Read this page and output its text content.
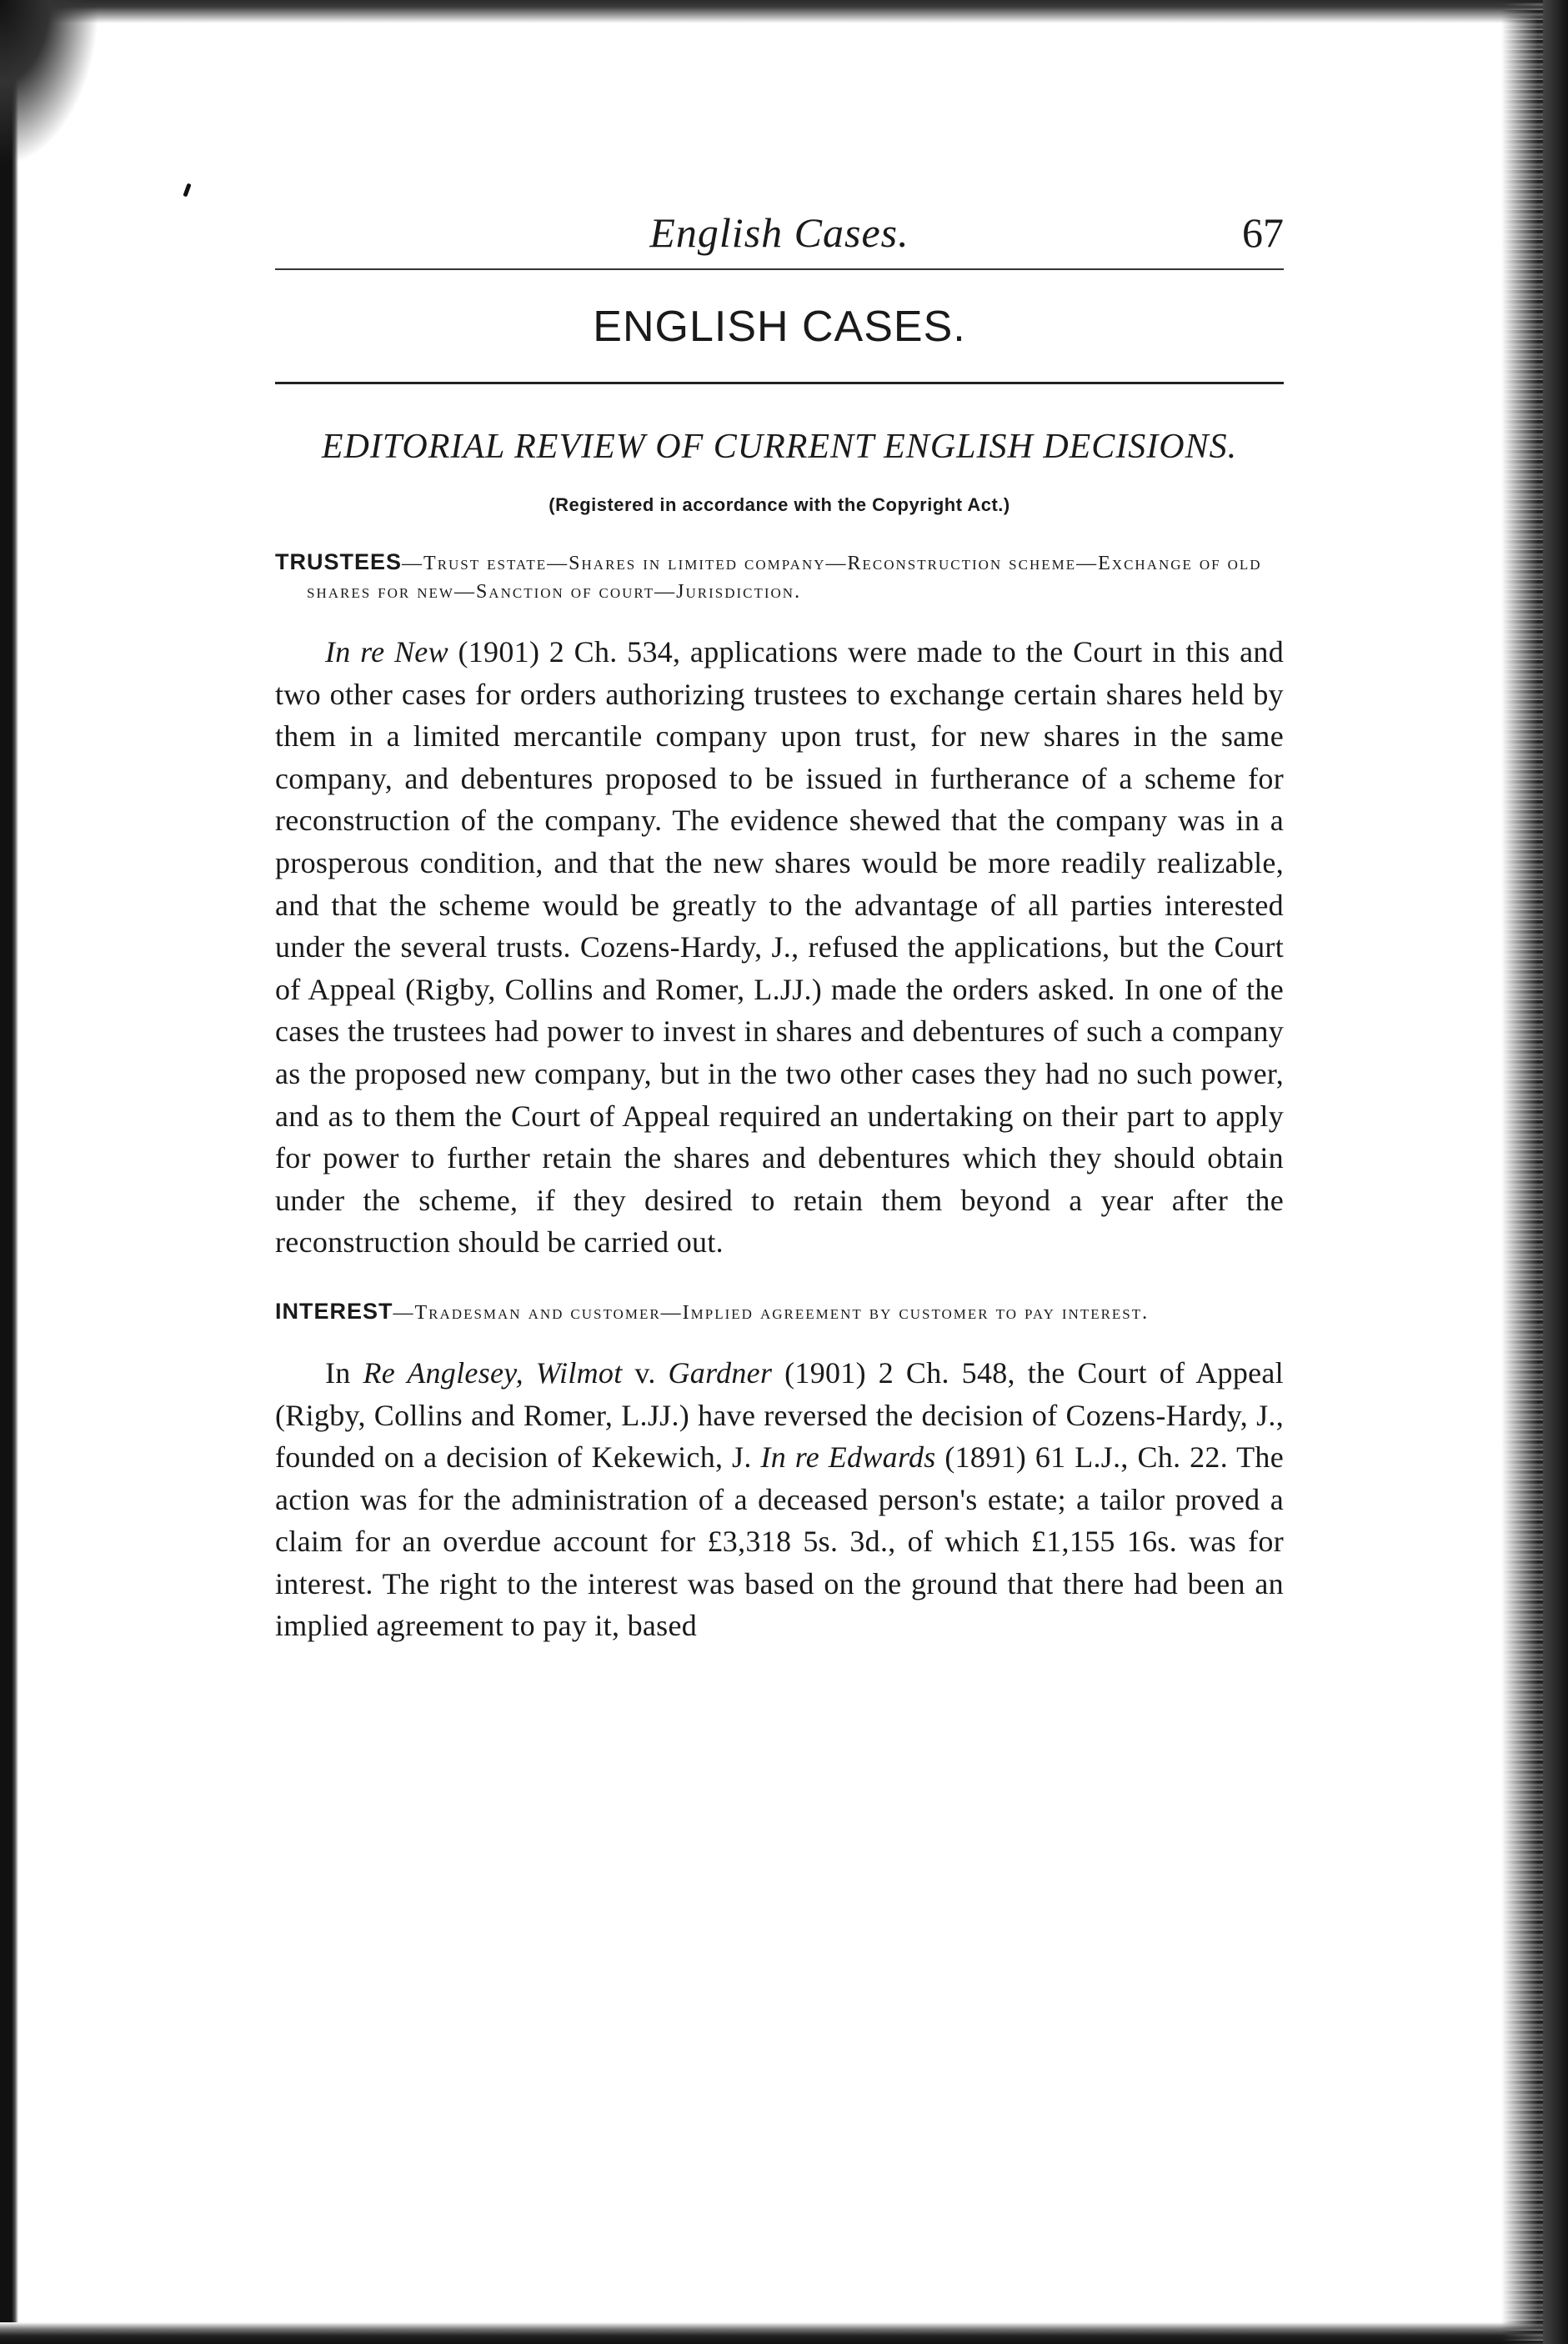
English Cases.	67
ENGLISH CASES.
EDITORIAL REVIEW OF CURRENT ENGLISH DECISIONS.
(Registered in accordance with the Copyright Act.)
TRUSTEES—Trust estate—Shares in limited company—Reconstruction scheme—Exchange of old shares for new—Sanction of court—Jurisdiction.

In re New (1901) 2 Ch. 534, applications were made to the Court in this and two other cases for orders authorizing trustees to exchange certain shares held by them in a limited mercantile company upon trust, for new shares in the same company, and debentures proposed to be issued in furtherance of a scheme for reconstruction of the company. The evidence shewed that the company was in a prosperous condition, and that the new shares would be more readily realizable, and that the scheme would be greatly to the advantage of all parties interested under the several trusts. Cozens-Hardy, J., refused the applications, but the Court of Appeal (Rigby, Collins and Romer, L.JJ.) made the orders asked. In one of the cases the trustees had power to invest in shares and debentures of such a company as the proposed new company, but in the two other cases they had no such power, and as to them the Court of Appeal required an undertaking on their part to apply for power to further retain the shares and debentures which they should obtain under the scheme, if they desired to retain them beyond a year after the reconstruction should be carried out.

INTEREST—Tradesman and customer—Implied agreement by customer to pay interest.

In Re Anglesey, Wilmot v. Gardner (1901) 2 Ch. 548, the Court of Appeal (Rigby, Collins and Romer, L.JJ.) have reversed the decision of Cozens-Hardy, J., founded on a decision of Kekewich, J. In re Edwards (1891) 61 L.J., Ch. 22. The action was for the administration of a deceased person's estate; a tailor proved a claim for an overdue account for £3,318 5s. 3d., of which £1,155 16s. was for interest. The right to the interest was based on the ground that there had been an implied agreement to pay it, based
